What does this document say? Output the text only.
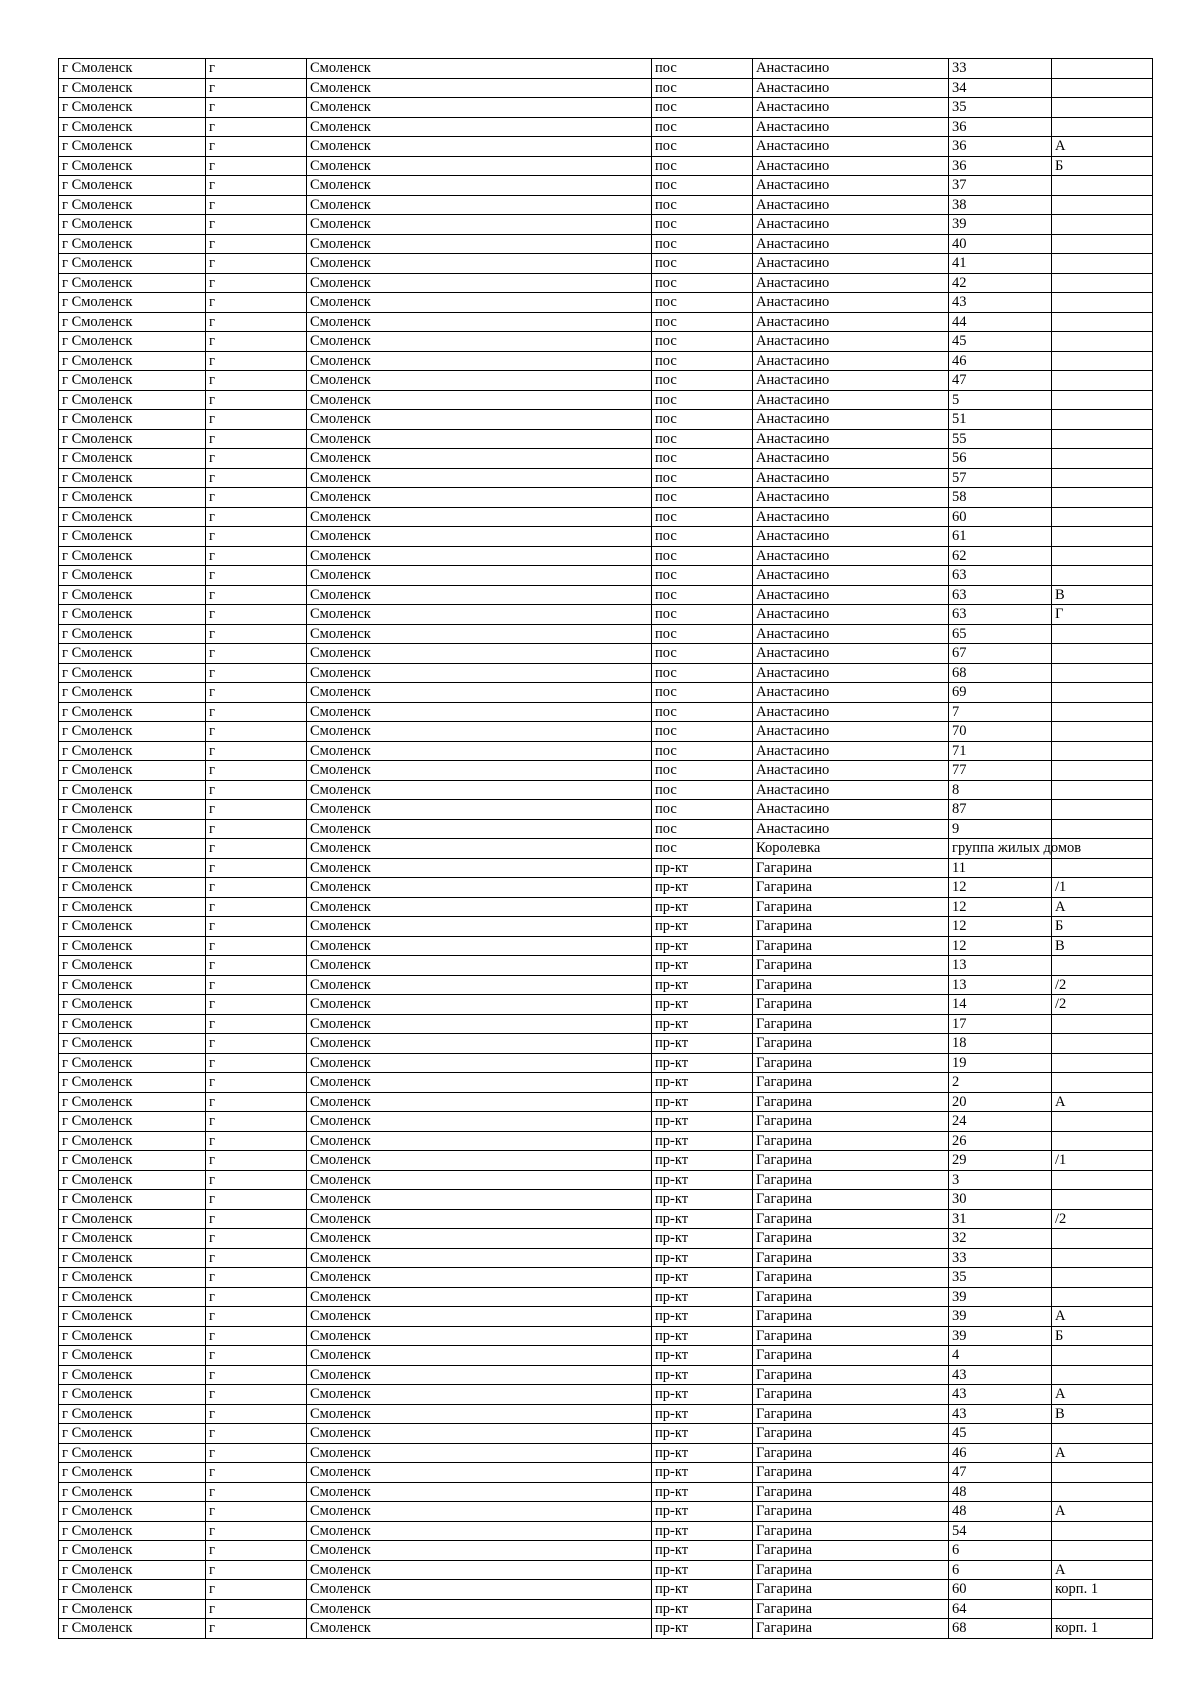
г Смоленск	г	Смоленск	пос	Анастасино	33	
г Смоленск	г	Смоленск	пос	Анастасино	34	
г Смоленск	г	Смоленск	пос	Анастасино	35	
г Смоленск	г	Смоленск	пос	Анастасино	36	
г Смоленск	г	Смоленск	пос	Анастасино	36	А
г Смоленск	г	Смоленск	пос	Анастасино	36	Б
г Смоленск	г	Смоленск	пос	Анастасино	37	
г Смоленск	г	Смоленск	пос	Анастасино	38	
г Смоленск	г	Смоленск	пос	Анастасино	39	
г Смоленск	г	Смоленск	пос	Анастасино	40	
г Смоленск	г	Смоленск	пос	Анастасино	41	
г Смоленск	г	Смоленск	пос	Анастасино	42	
г Смоленск	г	Смоленск	пос	Анастасино	43	
г Смоленск	г	Смоленск	пос	Анастасино	44	
г Смоленск	г	Смоленск	пос	Анастасино	45	
г Смоленск	г	Смоленск	пос	Анастасино	46	
г Смоленск	г	Смоленск	пос	Анастасино	47	
г Смоленск	г	Смоленск	пос	Анастасино	5	
г Смоленск	г	Смоленск	пос	Анастасино	51	
г Смоленск	г	Смоленск	пос	Анастасино	55	
г Смоленск	г	Смоленск	пос	Анастасино	56	
г Смоленск	г	Смоленск	пос	Анастасино	57	
г Смоленск	г	Смоленск	пос	Анастасино	58	
г Смоленск	г	Смоленск	пос	Анастасино	60	
г Смоленск	г	Смоленск	пос	Анастасино	61	
г Смоленск	г	Смоленск	пос	Анастасино	62	
г Смоленск	г	Смоленск	пос	Анастасино	63	
г Смоленск	г	Смоленск	пос	Анастасино	63	В
г Смоленск	г	Смоленск	пос	Анастасино	63	Г
г Смоленск	г	Смоленск	пос	Анастасино	65	
г Смоленск	г	Смоленск	пос	Анастасино	67	
г Смоленск	г	Смоленск	пос	Анастасино	68	
г Смоленск	г	Смоленск	пос	Анастасино	69	
г Смоленск	г	Смоленск	пос	Анастасино	7	
г Смоленск	г	Смоленск	пос	Анастасино	70	
г Смоленск	г	Смоленск	пос	Анастасино	71	
г Смоленск	г	Смоленск	пос	Анастасино	77	
г Смоленск	г	Смоленск	пос	Анастасино	8	
г Смоленск	г	Смоленск	пос	Анастасино	87	
г Смоленск	г	Смоленск	пос	Анастасино	9	
г Смоленск	г	Смоленск	пос	Королевка	группа жилых домов	
г Смоленск	г	Смоленск	пр-кт	Гагарина	11	
г Смоленск	г	Смоленск	пр-кт	Гагарина	12	/1
г Смоленск	г	Смоленск	пр-кт	Гагарина	12	А
г Смоленск	г	Смоленск	пр-кт	Гагарина	12	Б
г Смоленск	г	Смоленск	пр-кт	Гагарина	12	В
г Смоленск	г	Смоленск	пр-кт	Гагарина	13	
г Смоленск	г	Смоленск	пр-кт	Гагарина	13	/2
г Смоленск	г	Смоленск	пр-кт	Гагарина	14	/2
г Смоленск	г	Смоленск	пр-кт	Гагарина	17	
г Смоленск	г	Смоленск	пр-кт	Гагарина	18	
г Смоленск	г	Смоленск	пр-кт	Гагарина	19	
г Смоленск	г	Смоленск	пр-кт	Гагарина	2	
г Смоленск	г	Смоленск	пр-кт	Гагарина	20	А
г Смоленск	г	Смоленск	пр-кт	Гагарина	24	
г Смоленск	г	Смоленск	пр-кт	Гагарина	26	
г Смоленск	г	Смоленск	пр-кт	Гагарина	29	/1
г Смоленск	г	Смоленск	пр-кт	Гагарина	3	
г Смоленск	г	Смоленск	пр-кт	Гагарина	30	
г Смоленск	г	Смоленск	пр-кт	Гагарина	31	/2
г Смоленск	г	Смоленск	пр-кт	Гагарина	32	
г Смоленск	г	Смоленск	пр-кт	Гагарина	33	
г Смоленск	г	Смоленск	пр-кт	Гагарина	35	
г Смоленск	г	Смоленск	пр-кт	Гагарина	39	
г Смоленск	г	Смоленск	пр-кт	Гагарина	39	А
г Смоленск	г	Смоленск	пр-кт	Гагарина	39	Б
г Смоленск	г	Смоленск	пр-кт	Гагарина	4	
г Смоленск	г	Смоленск	пр-кт	Гагарина	43	
г Смоленск	г	Смоленск	пр-кт	Гагарина	43	А
г Смоленск	г	Смоленск	пр-кт	Гагарина	43	В
г Смоленск	г	Смоленск	пр-кт	Гагарина	45	
г Смоленск	г	Смоленск	пр-кт	Гагарина	46	А
г Смоленск	г	Смоленск	пр-кт	Гагарина	47	
г Смоленск	г	Смоленск	пр-кт	Гагарина	48	
г Смоленск	г	Смоленск	пр-кт	Гагарина	48	А
г Смоленск	г	Смоленск	пр-кт	Гагарина	54	
г Смоленск	г	Смоленск	пр-кт	Гагарина	6	
г Смоленск	г	Смоленск	пр-кт	Гагарина	6	А
г Смоленск	г	Смоленск	пр-кт	Гагарина	60	корп. 1
г Смоленск	г	Смоленск	пр-кт	Гагарина	64	
г Смоленск	г	Смоленск	пр-кт	Гагарина	68	корп. 1
